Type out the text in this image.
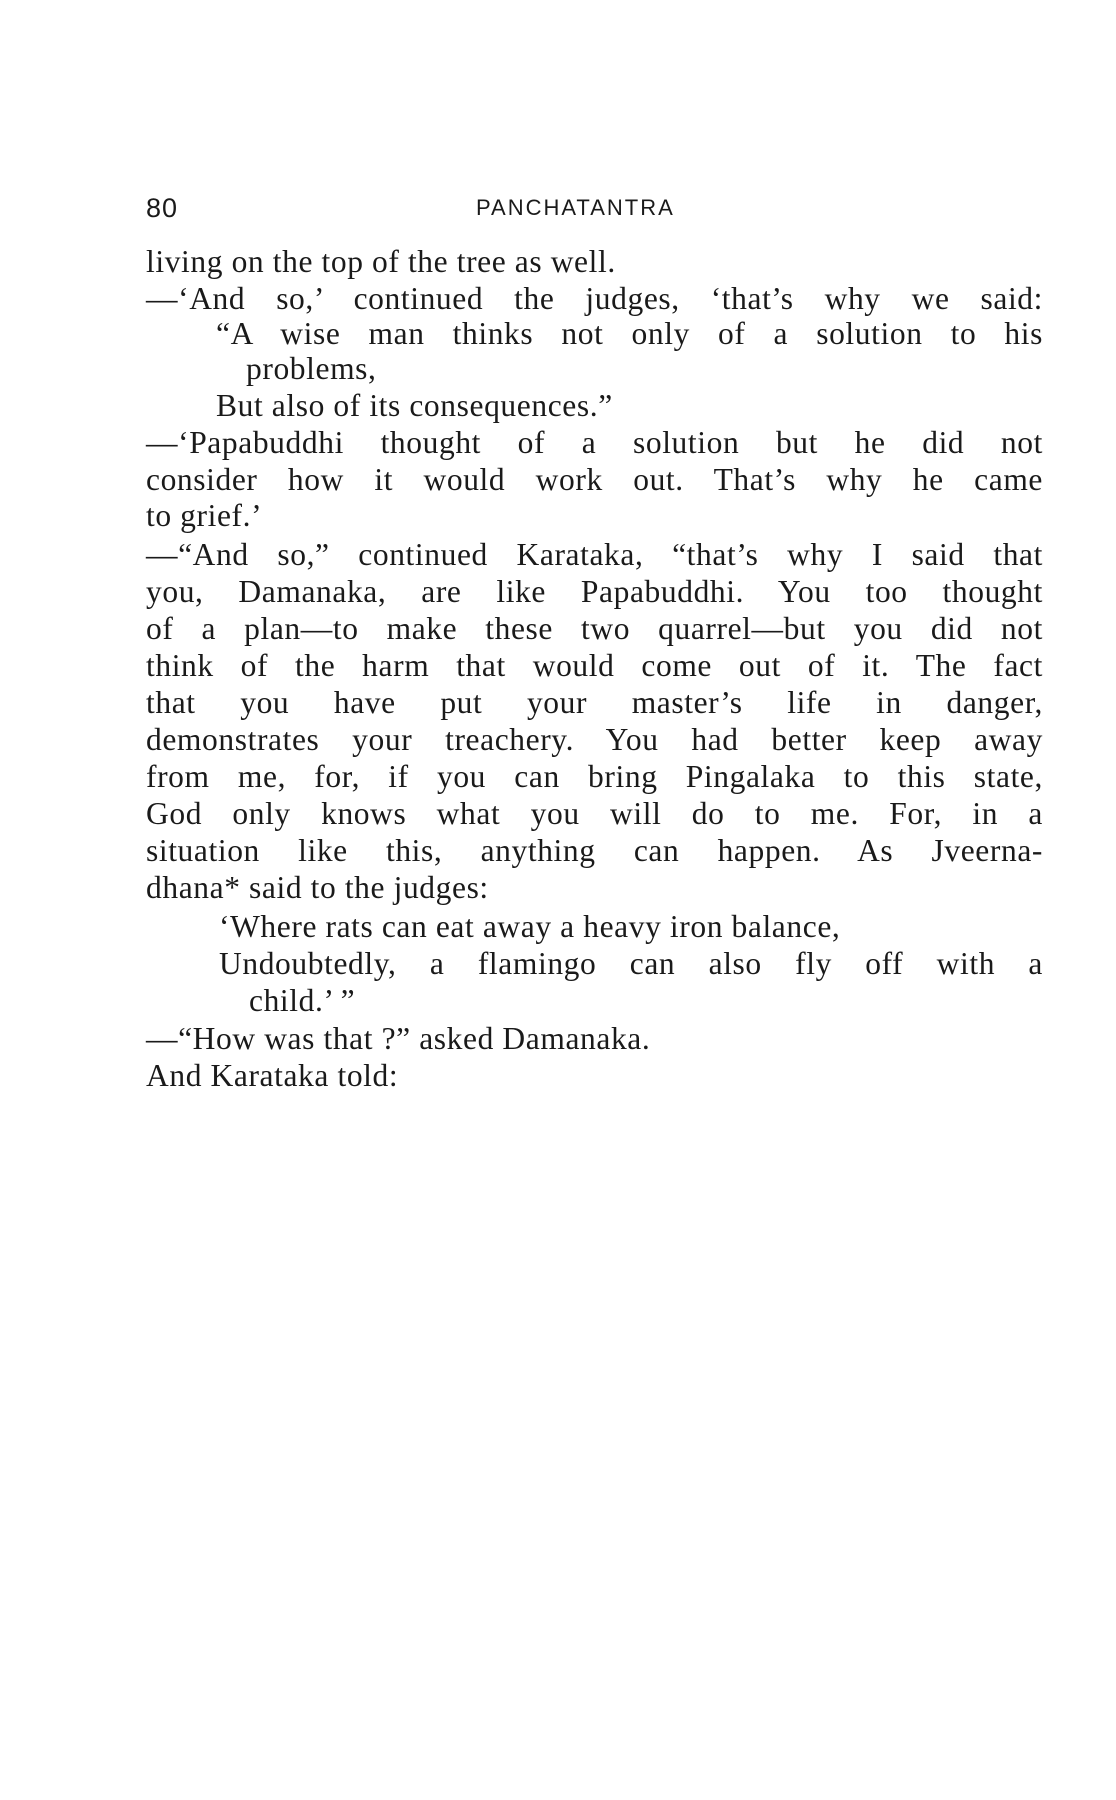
80	PANCHATANTRA
living on the top of the tree as well.
—‘And so,’ continued the judges, ‘that’s why we said:
“A wise man thinks not only of a solution to his
problems,
But also of its consequences.”
—‘Papabuddhi thought of a solution but he did not
consider how it would work out. That’s why he came
to grief.’
—“And so,” continued Karataka, “that’s why I said that
you, Damanaka, are like Papabuddhi. You too thought
of a plan—to make these two quarrel—but you did not
think of the harm that would come out of it. The fact
that you have put your master’s life in danger,
demonstrates your treachery. You had better keep away
from me, for, if you can bring Pingalaka to this state,
God only knows what you will do to me. For, in a
situation like this, anything can happen. As Jveerna-
dhana* said to the judges:
‘Where rats can eat away a heavy iron balance,
Undoubtedly, a flamingo can also fly off with a
child.’ ”
—“How was that ?” asked Damanaka.
And Karataka told:
